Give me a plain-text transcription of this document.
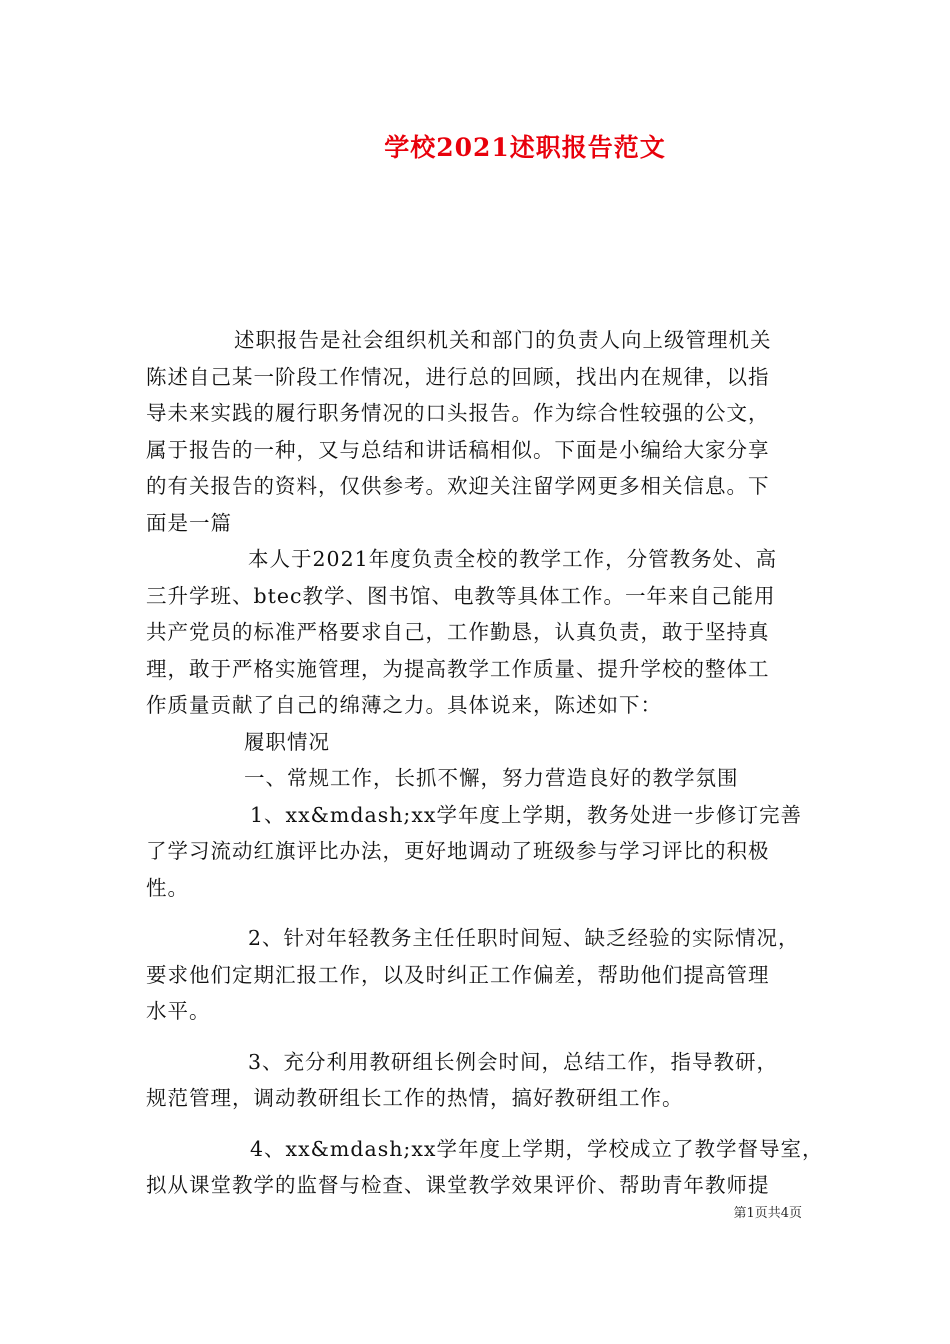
学校2021述职报告范文
述职报告是社会组织机关和部门的负责人向上级管理机关
陈述自己某一阶段工作情况，进行总的回顾，找出内在规律，以指
导未来实践的履行职务情况的口头报告。作为综合性较强的公文，
属于报告的一种，又与总结和讲话稿相似。下面是小编给大家分享
的有关报告的资料，仅供参考。欢迎关注留学网更多相关信息。下
面是一篇
本人于2021年度负责全校的教学工作，分管教务处、高
三升学班、btec教学、图书馆、电教等具体工作。一年来自己能用
共产党员的标准严格要求自己，工作勤恳，认真负责，敢于坚持真
理，敢于严格实施管理，为提高教学工作质量、提升学校的整体工
作质量贡献了自己的绵薄之力。具体说来，陈述如下：
履职情况
一、常规工作，长抓不懈，努力营造良好的教学氛围
1、xx&mdash;xx学年度上学期，教务处进一步修订完善
了学习流动红旗评比办法，更好地调动了班级参与学习评比的积极
性。
2、针对年轻教务主任任职时间短、缺乏经验的实际情况，
要求他们定期汇报工作，以及时纠正工作偏差，帮助他们提高管理
水平。
3、充分利用教研组长例会时间，总结工作，指导教研，
规范管理，调动教研组长工作的热情，搞好教研组工作。
4、xx&mdash;xx学年度上学期，学校成立了教学督导室，
拟从课堂教学的监督与检查、课堂教学效果评价、帮助青年教师提
第1页共4页
